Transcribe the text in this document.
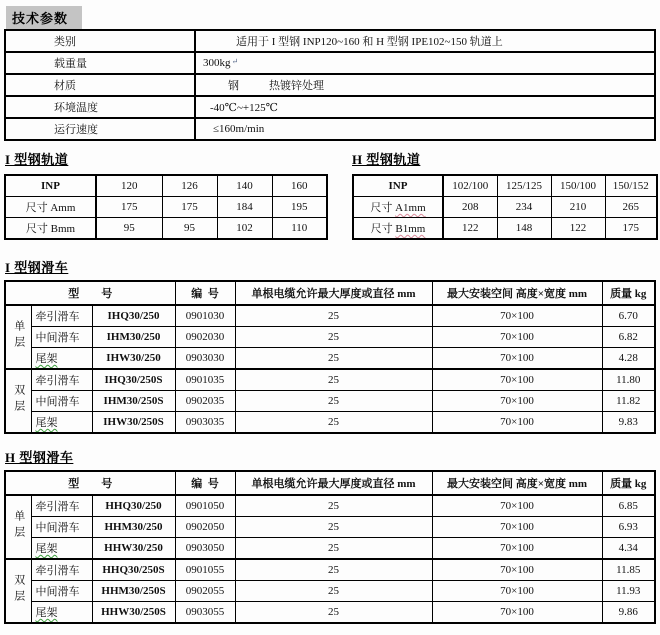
技术参数
类别	适用于 I 型钢 INP120~160 和 H 型钢 IPE102~150 轨道上
载重量	300kg↵
材质	钢 热镀锌处理
环境温度	-40℃~+125℃
运行速度	≤160m/min
I 型钢轨道
INP	120	126	140	160
尺寸 Amm	175	175	184	195
尺寸 Bmm	95	95	102	110
H 型钢轨道
INP	102/100	125/125	150/100	150/152
尺寸 A1mm	208	234	210	265
尺寸 B1mm	122	148	122	175
I 型钢滑车
型　　号			编  号	单根电缆允许最大厚度或直径 mm	最大安装空间 高度×宽度 mm	质量 kg
单层	牵引滑车	IHQ30/250	0901030	25	70×100	6.70
	中间滑车	IHM30/250	0902030	25	70×100	6.82
	尾架	IHW30/250	0903030	25	70×100	4.28
双层	牵引滑车	IHQ30/250S	0901035	25	70×100	11.80
	中间滑车	IHM30/250S	0902035	25	70×100	11.82
	尾架	IHW30/250S	0903035	25	70×100	9.83
H 型钢滑车
型　　号			编  号	单根电缆允许最大厚度或直径 mm	最大安装空间 高度×宽度 mm	质量 kg
单层	牵引滑车	HHQ30/250	0901050	25	70×100	6.85
	中间滑车	HHM30/250	0902050	25	70×100	6.93
	尾架	HHW30/250	0903050	25	70×100	4.34
双层	牵引滑车	HHQ30/250S	0901055	25	70×100	11.85
	中间滑车	HHM30/250S	0902055	25	70×100	11.93
	尾架	HHW30/250S	0903055	25	70×100	9.86
